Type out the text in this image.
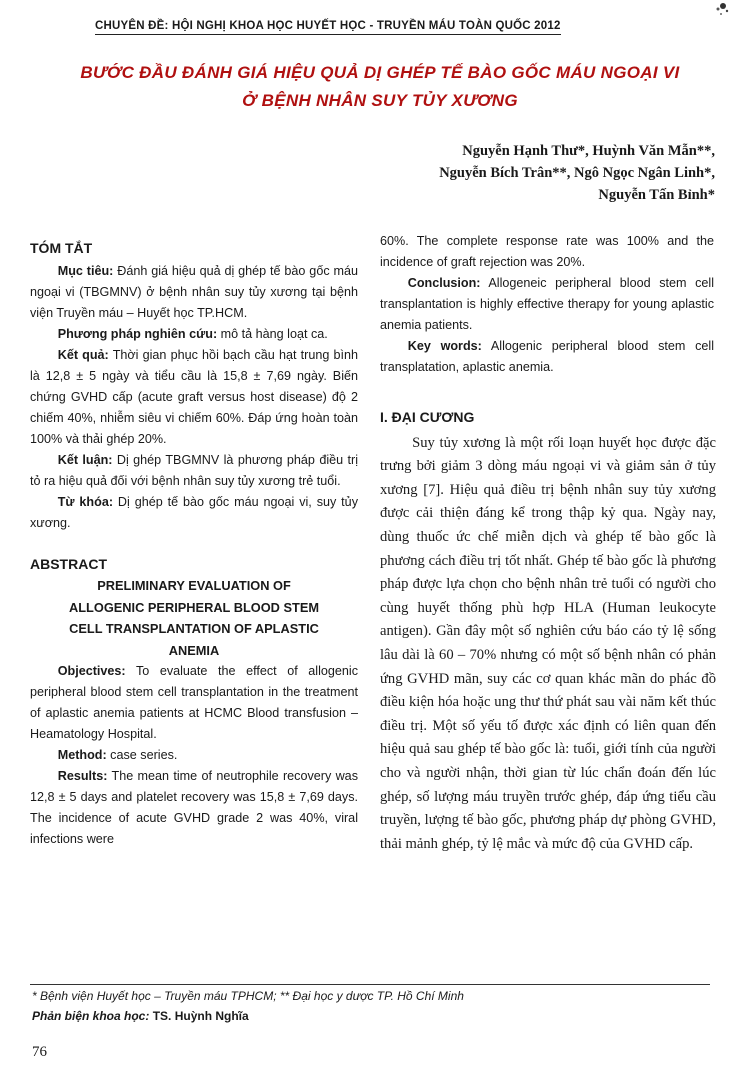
CHUYÊN ĐỀ: HỘI NGHỊ KHOA HỌC HUYẾT HỌC - TRUYỀN MÁU TOÀN QUỐC 2012
BƯỚC ĐẦU ĐÁNH GIÁ HIỆU QUẢ DỊ GHÉP TẾ BÀO GỐC MÁU NGOẠI VI
Ở BỆNH NHÂN SUY TỦY XƯƠNG
Nguyễn Hạnh Thư*, Huỳnh Văn Mẫn**,
Nguyễn Bích Trân**, Ngô Ngọc Ngân Linh*,
Nguyễn Tấn Bỉnh*

TÓM TẮT

Mục tiêu: Đánh giá hiệu quả dị ghép tế bào gốc máu ngoại vi (TBGMNV) ở bệnh nhân suy tủy xương tại bệnh viện Truyền máu – Huyết học TP.HCM.

Phương pháp nghiên cứu: mô tả hàng loạt ca.

Kết quả: Thời gian phục hồi bạch cầu hạt trung bình là 12,8 ± 5 ngày và tiểu cầu là 15,8 ± 7,69 ngày. Biến chứng GVHD cấp (acute graft versus host disease) độ 2 chiếm 40%, nhiễm siêu vi chiếm 60%. Đáp ứng hoàn toàn 100% và thải ghép 20%.

Kết luận: Dị ghép TBGMNV là phương pháp điều trị tỏ ra hiệu quả đối với bệnh nhân suy tủy xương trẻ tuổi.

Từ khóa: Dị ghép tế bào gốc máu ngoại vi, suy tủy xương.

ABSTRACT

PRELIMINARY EVALUATION OF
ALLOGENIC PERIPHERAL BLOOD STEM
CELL TRANSPLANTATION OF APLASTIC
ANEMIA

Objectives: To evaluate the effect of allogenic peripheral blood stem cell transplantation in the treatment of aplastic anemia patients at HCMC Blood transfusion – Heamatology Hospital.

Method: case series.

Results: The mean time of neutrophile recovery was 12,8 ± 5 days and platelet recovery was 15,8 ± 7,69 days. The incidence of acute GVHD grade 2 was 40%, viral infections were

60%. The complete response rate was 100% and the incidence of graft rejection was 20%.

Conclusion: Allogeneic peripheral blood stem cell transplantation is highly effective therapy for young aplastic anemia patients.

Key words: Allogenic peripheral blood stem cell transplatation, aplastic anemia.

I. ĐẠI CƯƠNG

Suy tủy xương là một rối loạn huyết học được đặc trưng bởi giảm 3 dòng máu ngoại vi và giảm sản ở tủy xương [7]. Hiệu quả điều trị bệnh nhân suy tủy xương được cải thiện đáng kể trong thập kỷ qua. Ngày nay, dùng thuốc ức chế miễn dịch và ghép tế bào gốc là phương cách điều trị tốt nhất. Ghép tế bào gốc là phương pháp được lựa chọn cho bệnh nhân trẻ tuổi có người cho cùng huyết thống phù hợp HLA (Human leukocyte antigen). Gần đây một số nghiên cứu báo cáo tỷ lệ sống lâu dài là 60 – 70% nhưng có một số bệnh nhân có phản ứng GVHD mãn, suy các cơ quan khác mãn do phác đồ điều kiện hóa hoặc ung thư thứ phát sau vài năm kết thúc điều trị. Một số yếu tố được xác định có liên quan đến hiệu quả sau ghép tế bào gốc là: tuổi, giới tính của người cho và người nhận, thời gian từ lúc chẩn đoán đến lúc ghép, số lượng máu truyền trước ghép, đáp ứng tiểu cầu truyền, lượng tế bào gốc, phương pháp dự phòng GVHD, thải mảnh ghép, tỷ lệ mắc và mức độ của GVHD cấp.

* Bệnh viện Huyết học – Truyền máu TPHCM; ** Đại học y dược TP. Hồ Chí Minh
Phản biện khoa học: TS. Huỳnh Nghĩa
76
